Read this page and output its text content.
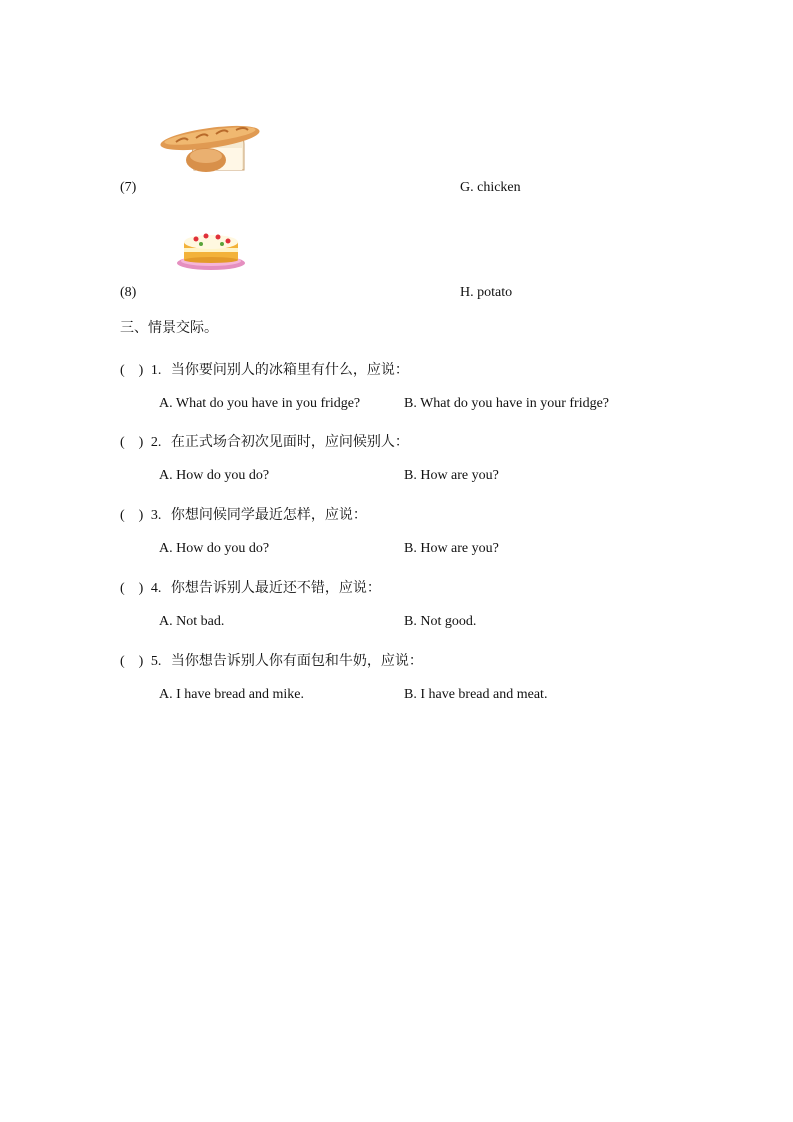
(7)	G. chicken
(8)	H. potato
三、情景交际。
(    ) 1. 当你要问别人的冰箱里有什么，应说：
A. What do you have in you fridge?	B. What do you have in your fridge?
(    ) 2. 在正式场合初次见面时，应问候别人：
A. How do you do?	B. How are you?
(    ) 3. 你想问候同学最近怎样，应说：
A. How do you do?	B. How are you?
(    ) 4. 你想告诉别人最近还不错，应说：
A. Not bad.	B. Not good.
(    ) 5. 当你想告诉别人你有面包和牛奶，应说：
A. I have bread and mike.	B. I have bread and meat.
